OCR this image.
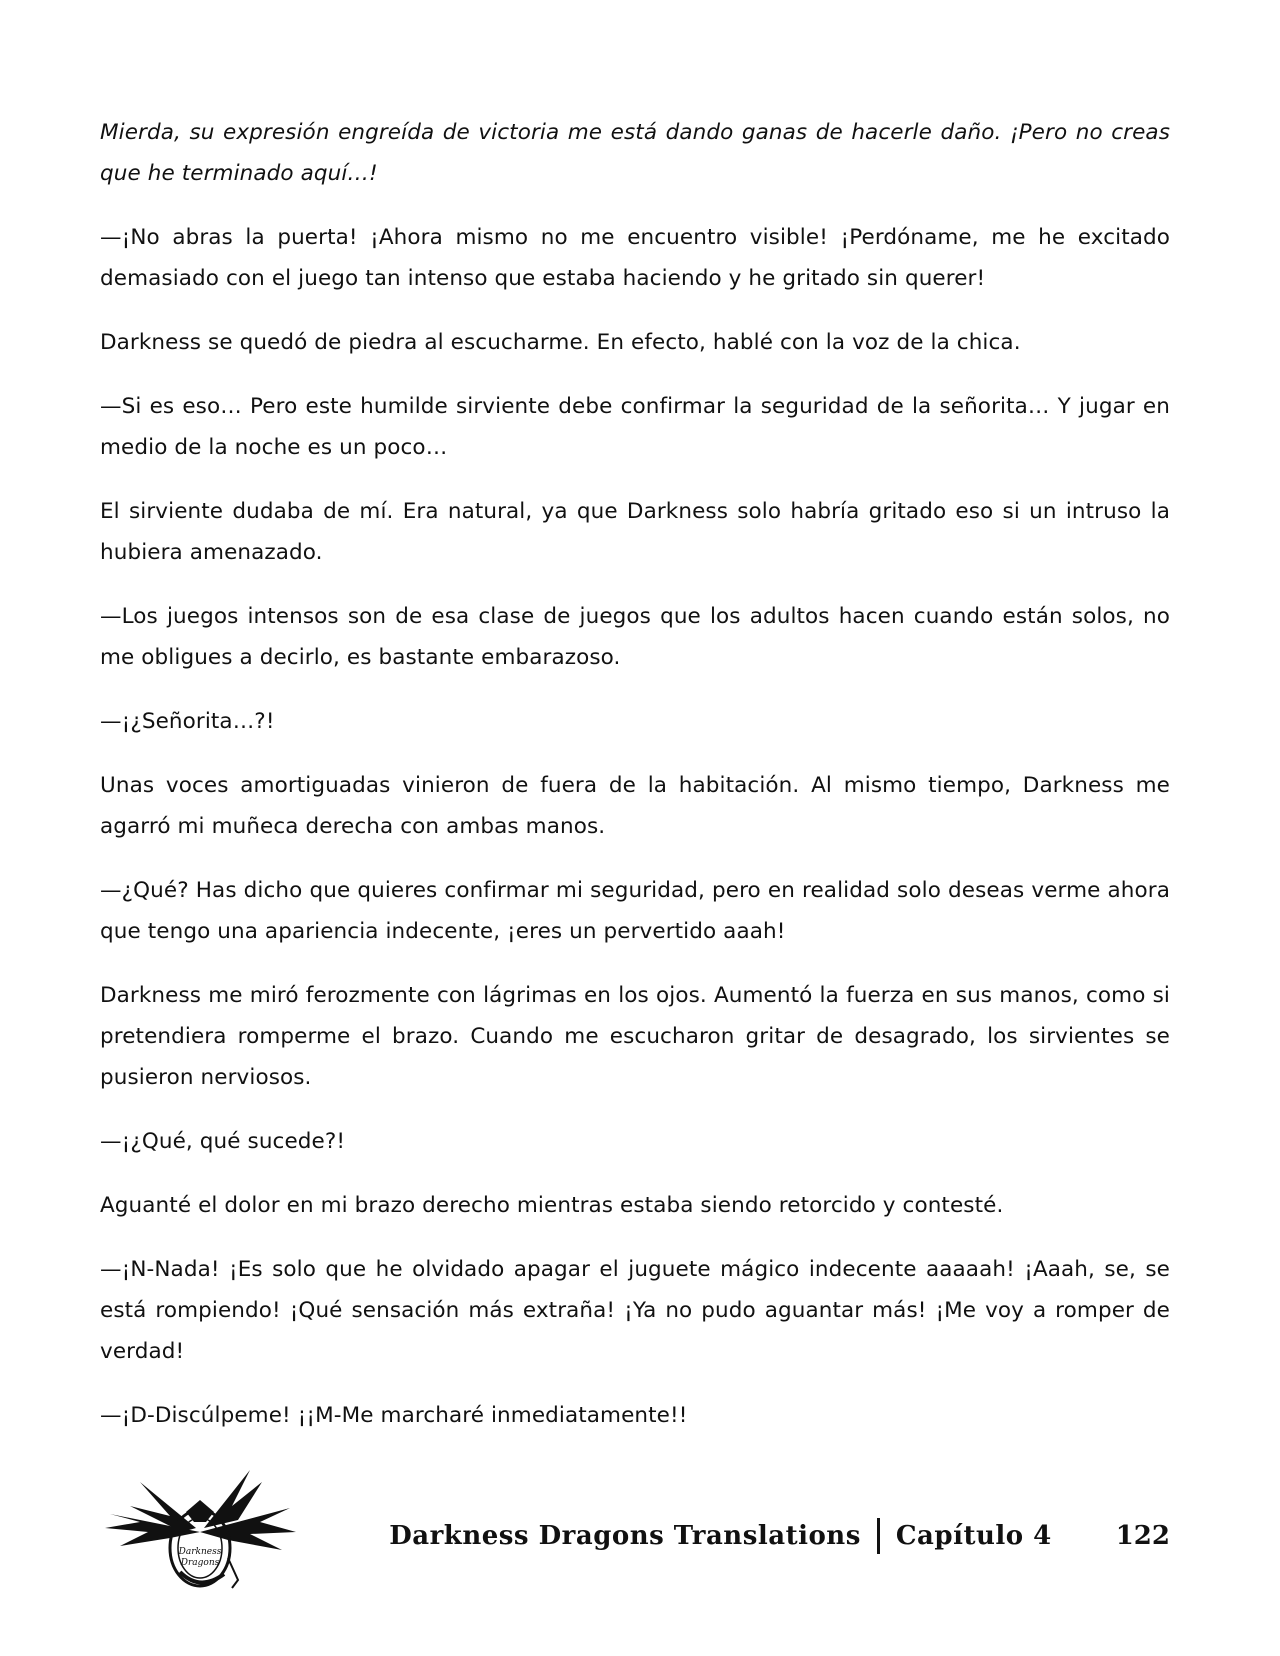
Mierda, su expresión engreída de victoria me está dando ganas de hacerle daño. ¡Pero no creas que he terminado aquí…!

—¡No abras la puerta! ¡Ahora mismo no me encuentro visible! ¡Perdóname, me he excitado demasiado con el juego tan intenso que estaba haciendo y he gritado sin querer!

Darkness se quedó de piedra al escucharme. En efecto, hablé con la voz de la chica.

—Si es eso… Pero este humilde sirviente debe confirmar la seguridad de la señorita… Y jugar en medio de la noche es un poco…

El sirviente dudaba de mí. Era natural, ya que Darkness solo habría gritado eso si un intruso la hubiera amenazado.

—Los juegos intensos son de esa clase de juegos que los adultos hacen cuando están solos, no me obligues a decirlo, es bastante embarazoso.

—¡¿Señorita…?!

Unas voces amortiguadas vinieron de fuera de la habitación. Al mismo tiempo, Darkness me agarró mi muñeca derecha con ambas manos.

—¿Qué? Has dicho que quieres confirmar mi seguridad, pero en realidad solo deseas verme ahora que tengo una apariencia indecente, ¡eres un pervertido aaah!

Darkness me miró ferozmente con lágrimas en los ojos. Aumentó la fuerza en sus manos, como si pretendiera romperme el brazo. Cuando me escucharon gritar de desagrado, los sirvientes se pusieron nerviosos.

—¡¿Qué, qué sucede?!

Aguanté el dolor en mi brazo derecho mientras estaba siendo retorcido y contesté.

—¡N-Nada! ¡Es solo que he olvidado apagar el juguete mágico indecente aaaaah! ¡Aaah, se, se está rompiendo! ¡Qué sensación más extraña! ¡Ya no pudo aguantar más! ¡Me voy a romper de verdad!

—¡D-Discúlpeme! ¡¡M-Me marcharé inmediatamente!!

Darkness
Dragons
Darkness Dragons Translations Capítulo 4 122
